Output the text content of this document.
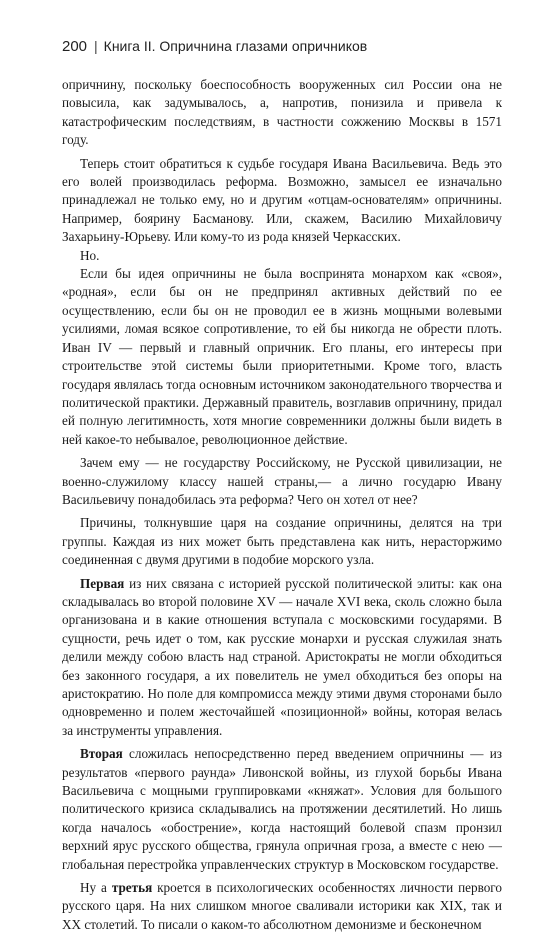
200 | Книга II. Опричнина глазами опричников

опричнину, поскольку боеспособность вооруженных сил России она не повысила, как задумывалось, а, напротив, понизила и привела к катастрофическим последствиям, в частности сожжению Москвы в 1571 году.

Теперь стоит обратиться к судьбе государя Ивана Васильевича. Ведь это его волей производилась реформа. Возможно, замысел ее изначально принадлежал не только ему, но и другим «отцам-основателям» опричнины. Например, боярину Басманову. Или, скажем, Василию Михайловичу Захарьину-Юрьеву. Или кому-то из рода князей Черкасских.

Но.

Если бы идея опричнины не была воспринята монархом как «своя», «родная», если бы он не предпринял активных действий по ее осуществлению, если бы он не проводил ее в жизнь мощными волевыми усилиями, ломая всякое сопротивление, то ей бы никогда не обрести плоть. Иван IV — первый и главный опричник. Его планы, его интересы при строительстве этой системы были приоритетными. Кроме того, власть государя являлась тогда основным источником законодательного творчества и политической практики. Державный правитель, возглавив опричнину, придал ей полную легитимность, хотя многие современники должны были видеть в ней какое-то небывалое, революционное действие.

Зачем ему — не государству Российскому, не Русской цивилизации, не военно-служилому классу нашей страны,— а лично государю Ивану Васильевичу понадобилась эта реформа? Чего он хотел от нее?

Причины, толкнувшие царя на создание опричнины, делятся на три группы. Каждая из них может быть представлена как нить, нерасторжимо соединенная с двумя другими в подобие морского узла.

Первая из них связана с историей русской политической элиты: как она складывалась во второй половине XV — начале XVI века, сколь сложно была организована и в какие отношения вступала с московскими государями. В сущности, речь идет о том, как русские монархи и русская служилая знать делили между собою власть над страной. Аристократы не могли обходиться без законного государя, а их повелитель не умел обходиться без опоры на аристократию. Но поле для компромисса между этими двумя сторонами было одновременно и полем жесточайшей «позиционной» войны, которая велась за инструменты управления.

Вторая сложилась непосредственно перед введением опричнины — из результатов «первого раунда» Ливонской войны, из глухой борьбы Ивана Васильевича с мощными группировками «княжат». Условия для большого политического кризиса складывались на протяжении десятилетий. Но лишь когда началось «обострение», когда настоящий болевой спазм пронзил верхний ярус русского общества, грянула опричная гроза, а вместе с нею — глобальная перестройка управленческих структур в Московском государстве.

Ну а третья кроется в психологических особенностях личности первого русского царя. На них слишком многое сваливали историки как XIX, так и XX столетий. То писали о каком-то абсолютном демонизме и бесконечном
